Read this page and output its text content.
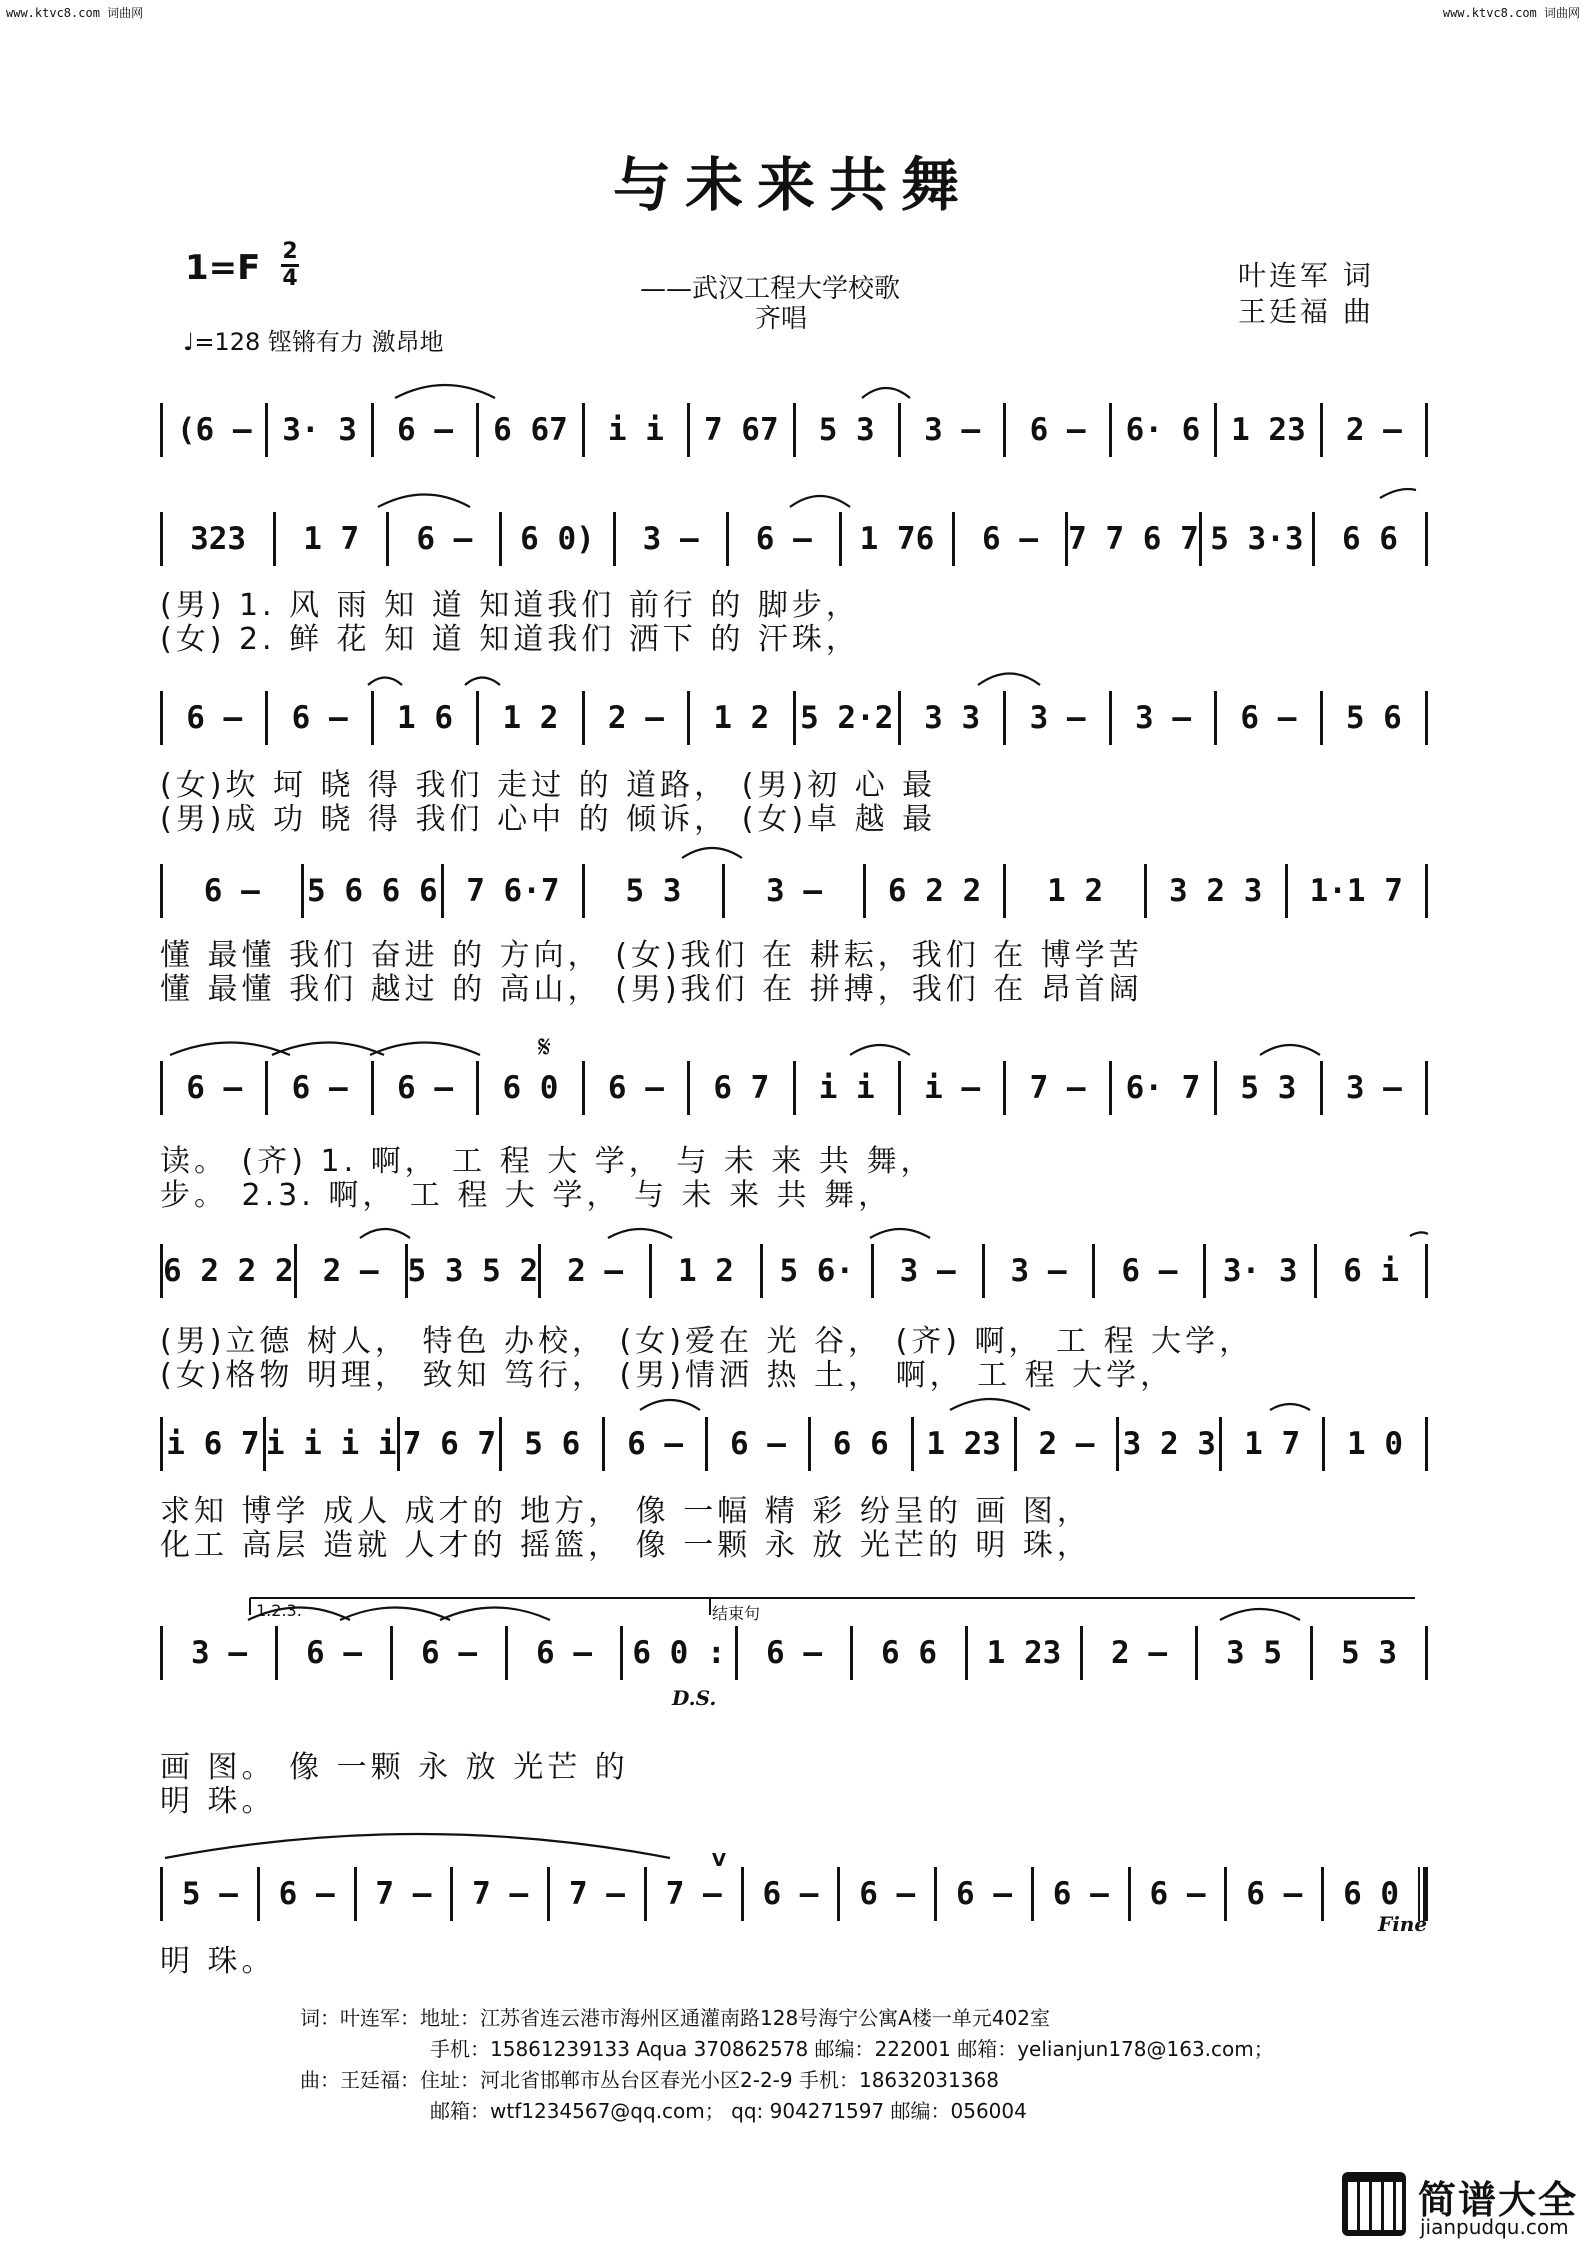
www.ktvc8.com 词曲网	www.ktvc8.com 词曲网
与未来共舞
1=F 2
4
♩=128 铿锵有力 激昂地
——武汉工程大学校歌
齐唱
叶连军 词
王廷福 曲
(6 – 3· 3	6 –	6 67	i i	7 67	5 3	3 –	6 –	6· 6 1 23	2 –
323	1 7	6 –	6 0)	3 –	6 –	1 76	6 – 7 7 6 7 5 3·3	6 6
6 –	6 –	1 6	1 2	2 –	1 2 5 2·2 3 3	3 –	3 –	6 –	5 6
6 –	5 6 6 6 7 6·7	5 3	3 –	6 2 2	1 2	3 2 3	1·1 7
6 –	6 –	6 –	6 0	6 –	6 7	i i	i –	7 –	6· 7	5 3	3 –
6 2 2 2 2 – 5 3 5 2 2 –	1 2	5 6·	3 –	3 –	6 –	3· 3	6 i
i 6 7 i i i i 7 6 7 5 6	6 –	6 –	6 6	1 23	2 – 3 2 3 1 7	1 0
3 –	6 –	6 –	6 –	6 0 :	6 –	6 6	1 23	2 –	3 5	5 3
5 –	6 –	7 –	7 –	7 –	7 –	6 –	6 –	6 –	6 –	6 –	6 –	6 0
(男) 1. 风 雨 知 道 知道我们 前行 的 脚步，
(女) 2. 鲜 花 知 道 知道我们 洒下 的 汗珠，
(女)坎 坷 晓 得 我们 走过 的 道路， (男)初 心 最
(男)成 功 晓 得 我们 心中 的 倾诉， (女)卓 越 最
懂 最懂 我们 奋进 的 方向， (女)我们 在 耕耘，我们 在 博学苦
懂 最懂 我们 越过 的 高山， (男)我们 在 拼搏，我们 在 昂首阔
读。 (齐) 1. 啊， 工 程 大 学， 与 未 来 共 舞，
步。 2.3. 啊， 工 程 大 学， 与 未 来 共 舞，
(男)立德 树人， 特色 办校， (女)爱在 光 谷， (齐) 啊， 工 程 大学，
(女)格物 明理， 致知 笃行， (男)情洒 热 土， 啊， 工 程 大学，
求知 博学 成人 成才的 地方， 像 一幅 精 彩 纷呈的 画 图，
化工 高层 造就 人才的 摇篮， 像 一颗 永 放 光芒的 明 珠，
画 图。 像 一颗 永 放 光芒 的
明 珠。
明 珠。
𝄋
1.2.3.	结束句
D.S.
Fine
V
词：叶连军：地址：江苏省连云港市海州区通灌南路128号海宁公寓A楼一单元402室
手机：15861239133 Aqua 370862578 邮编：222001 邮箱：yelianjun178@163.com；
曲：王廷福：住址：河北省邯郸市丛台区春光小区2-2-9 手机：18632031368
邮箱：wtf1234567@qq.com； qq: 904271597 邮编：056004
简谱大全
jianpudqu.com
